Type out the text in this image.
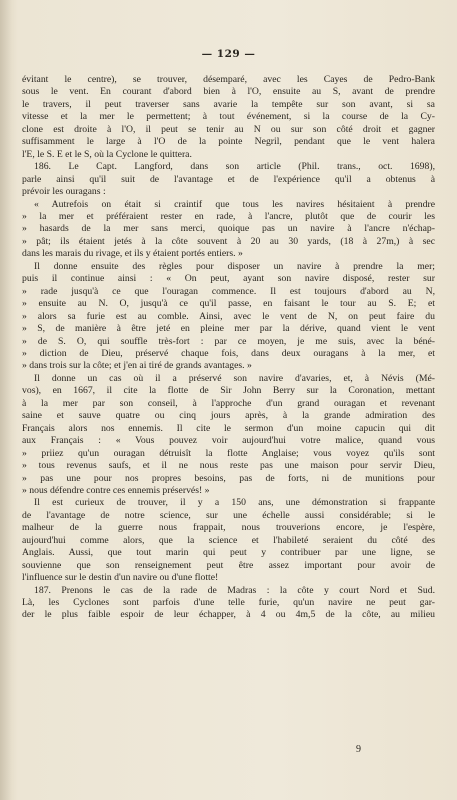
— 129 —
évitant le centre), se trouver, désemparé, avec les Cayes de Pedro-Bank
sous le vent. En courant d'abord bien à l'O, ensuite au S, avant de prendre
le travers, il peut traverser sans avarie la tempête sur son avant, si sa
vitesse et la mer le permettent; à tout événement, si la course de la Cy-
clone est droite à l'O, il peut se tenir au N ou sur son côté droit et gagner
suffisamment le large à l'O de la pointe Negril, pendant que le vent halera
l'E, le S. E et le S, où la Cyclone le quittera.
186. Le Capt. Langford, dans son article (Phil. trans., oct. 1698),
parle ainsi qu'il suit de l'avantage et de l'expérience qu'il a obtenus à
prévoir les ouragans :
« Autrefois on était si craintif que tous les navires hésitaient à prendre
» la mer et préféraient rester en rade, à l'ancre, plutôt que de courir les
» hasards de la mer sans merci, quoique pas un navire à l'ancre n'échap-
» pât; ils étaient jetés à la côte souvent à 20 au 30 yards, (18 à 27m,) à sec
dans les marais du rivage, et ils y étaient portés entiers. »
Il donne ensuite des règles pour disposer un navire à prendre la mer;
puis il continue ainsi : « On peut, ayant son navire disposé, rester sur
» rade jusqu'à ce que l'ouragan commence. Il est toujours d'abord au N,
» ensuite au N. O, jusqu'à ce qu'il passe, en faisant le tour au S. E; et
» alors sa furie est au comble. Ainsi, avec le vent de N, on peut faire du
» S, de manière à être jeté en pleine mer par la dérive, quand vient le vent
» de S. O, qui souffle très-fort : par ce moyen, je me suis, avec la béné-
» diction de Dieu, préservé chaque fois, dans deux ouragans à la mer, et
» dans trois sur la côte; et j'en ai tiré de grands avantages. »
Il donne un cas où il a préservé son navire d'avaries, et, à Névis (Mé-
vos), en 1667, il cite la flotte de Sir John Berry sur la Coronation, mettant
à la mer par son conseil, à l'approche d'un grand ouragan et revenant
saine et sauve quatre ou cinq jours après, à la grande admiration des
Français alors nos ennemis. Il cite le sermon d'un moine capucin qui dit
aux Français : « Vous pouvez voir aujourd'hui votre malice, quand vous
» priiez qu'un ouragan détruisît la flotte Anglaise; vous voyez qu'ils sont
» tous revenus saufs, et il ne nous reste pas une maison pour servir Dieu,
» pas une pour nos propres besoins, pas de forts, ni de munitions pour
» nous défendre contre ces ennemis préservés! »
Il est curieux de trouver, il y a 150 ans, une démonstration si frappante
de l'avantage de notre science, sur une échelle aussi considérable; si le
malheur de la guerre nous frappait, nous trouverions encore, je l'espère,
aujourd'hui comme alors, que la science et l'habileté seraient du côté des
Anglais. Aussi, que tout marin qui peut y contribuer par une ligne, se
souvienne que son renseignement peut être assez important pour avoir de
l'influence sur le destin d'un navire ou d'une flotte!
187. Prenons le cas de la rade de Madras : la côte y court Nord et Sud.
Là, les Cyclones sont parfois d'une telle furie, qu'un navire ne peut gar-
der le plus faible espoir de leur échapper, à 4 ou 4m,5 de la côte, au milieu
9
